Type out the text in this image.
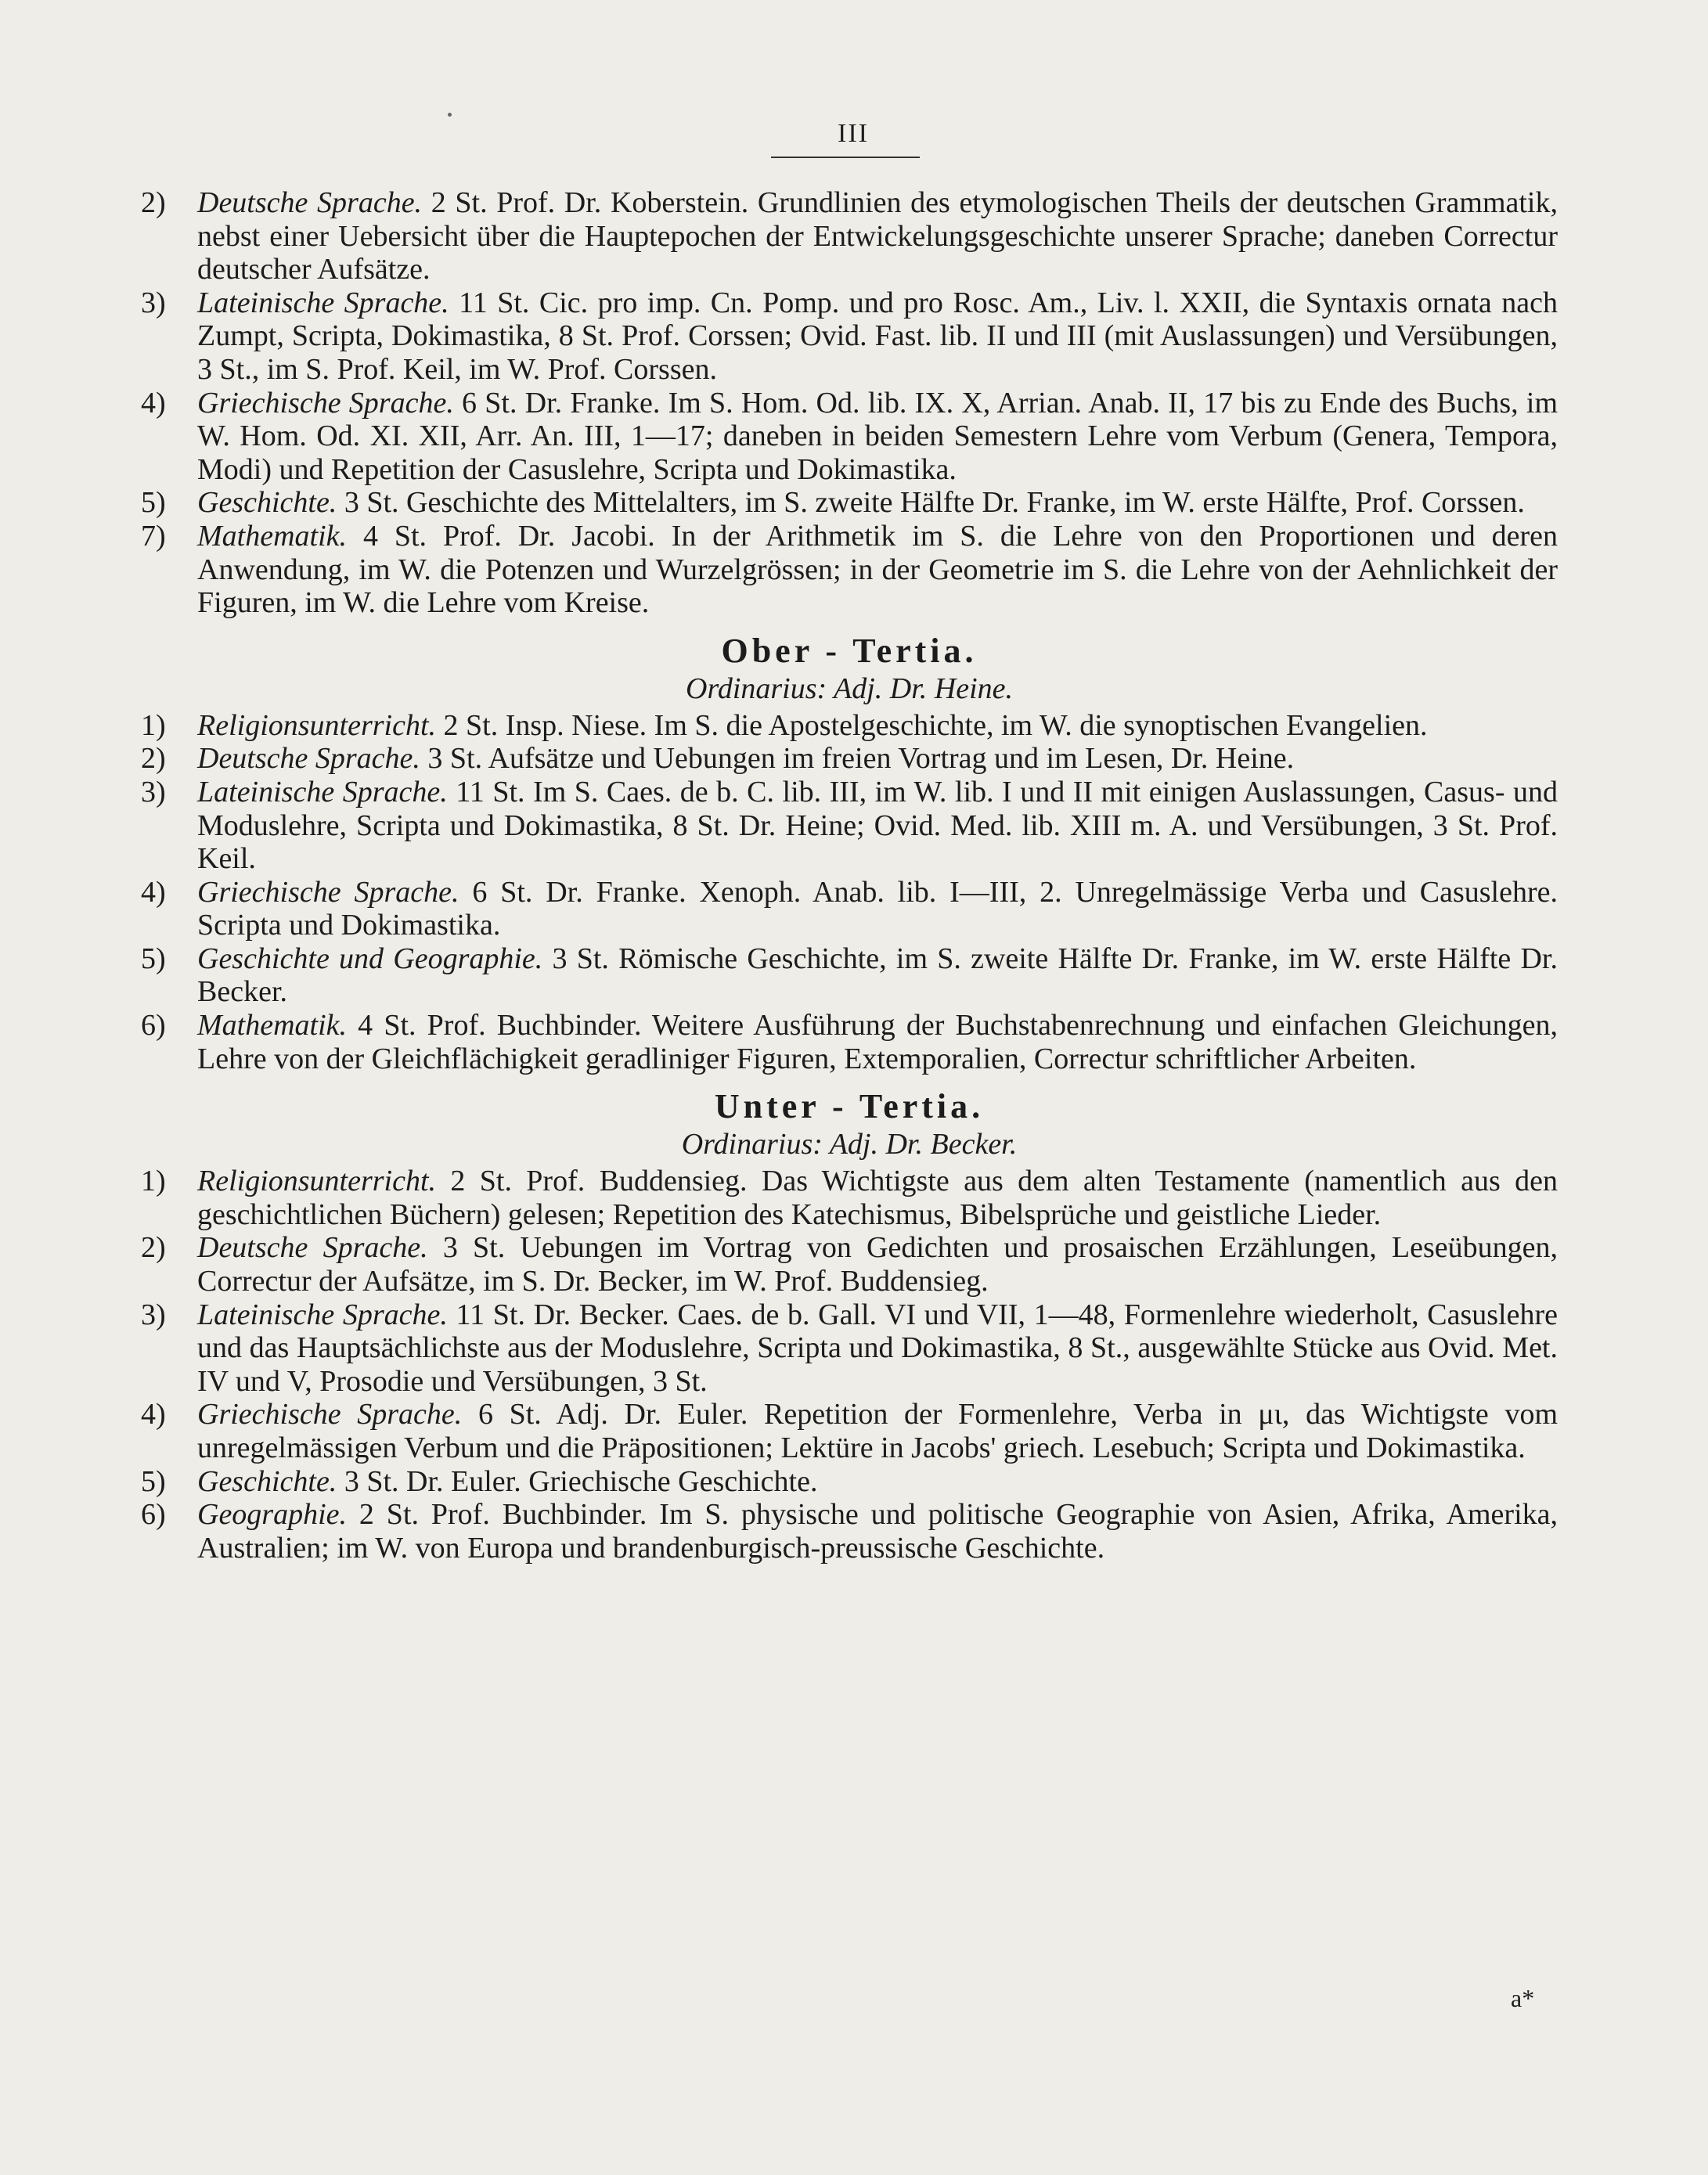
III

2 )	Deutsche Sprache. 2 St. Prof. Dr. Koberstein. Grundlinien des etymologischen Theils der deutschen Grammatik, nebst einer Uebersicht über die Hauptepochen der Entwickelungsgeschichte unserer Sprache; daneben Correctur deutscher Aufsätze.

3 )	Lateinische Sprache. 11 St. Cic. pro imp. Cn. Pomp. und pro Rosc. Am., Liv. l. XXII, die Syntaxis ornata nach Zumpt, Scripta, Dokimastika, 8 St. Prof. Corssen; Ovid. Fast. lib. II und III (mit Auslassungen) und Versübungen, 3 St., im S. Prof. Keil, im W. Prof. Corssen.

4 )	Griechische Sprache. 6 St. Dr. Franke. Im S. Hom. Od. lib. IX. X, Arrian. Anab. II, 17 bis zu Ende des Buchs, im W. Hom. Od. XI. XII, Arr. An. III, 1—17; daneben in beiden Semestern Lehre vom Verbum (Genera, Tempora, Modi) und Repetition der Casuslehre, Scripta und Dokimastika.

5 )	Geschichte. 3 St. Geschichte des Mittelalters, im S. zweite Hälfte Dr. Franke, im W. erste Hälfte, Prof. Corssen.

7 )	Mathematik. 4 St. Prof. Dr. Jacobi. In der Arithmetik im S. die Lehre von den Proportionen und deren Anwendung, im W. die Potenzen und Wurzelgrössen; in der Geometrie im S. die Lehre von der Aehnlichkeit der Figuren, im W. die Lehre vom Kreise.

Ober - Tertia.
Ordinarius: Adj. Dr. Heine.

1 )	Religionsunterricht. 2 St. Insp. Niese. Im S. die Apostelgeschichte, im W. die synoptischen Evangelien.

2 )	Deutsche Sprache. 3 St. Aufsätze und Uebungen im freien Vortrag und im Lesen, Dr. Heine.

3 )	Lateinische Sprache. 11 St. Im S. Caes. de b. C. lib. III, im W. lib. I und II mit einigen Auslassungen, Casus- und Moduslehre, Scripta und Dokimastika, 8 St. Dr. Heine; Ovid. Med. lib. XIII m. A. und Versübungen, 3 St. Prof. Keil.

4 )	Griechische Sprache. 6 St. Dr. Franke. Xenoph. Anab. lib. I—III, 2. Unregelmässige Verba und Casuslehre. Scripta und Dokimastika.

5 )	Geschichte und Geographie. 3 St. Römische Geschichte, im S. zweite Hälfte Dr. Franke, im W. erste Hälfte Dr. Becker.

6 )	Mathematik. 4 St. Prof. Buchbinder. Weitere Ausführung der Buchstabenrechnung und einfachen Gleichungen, Lehre von der Gleichflächigkeit geradliniger Figuren, Extemporalien, Correctur schriftlicher Arbeiten.

Unter - Tertia.
Ordinarius: Adj. Dr. Becker.

1 )	Religionsunterricht. 2 St. Prof. Buddensieg. Das Wichtigste aus dem alten Testamente (namentlich aus den geschichtlichen Büchern) gelesen; Repetition des Katechismus, Bibelsprüche und geistliche Lieder.

2 )	Deutsche Sprache. 3 St. Uebungen im Vortrag von Gedichten und prosaischen Erzählungen, Leseübungen, Correctur der Aufsätze, im S. Dr. Becker, im W. Prof. Buddensieg.

3 )	Lateinische Sprache. 11 St. Dr. Becker. Caes. de b. Gall. VI und VII, 1—48, Formenlehre wiederholt, Casuslehre und das Hauptsächlichste aus der Moduslehre, Scripta und Dokimastika, 8 St., ausgewählte Stücke aus Ovid. Met. IV und V, Prosodie und Versübungen, 3 St.

4 )	Griechische Sprache. 6 St. Adj. Dr. Euler. Repetition der Formenlehre, Verba in μι, das Wichtigste vom unregelmässigen Verbum und die Präpositionen; Lektüre in Jacobs' griech. Lesebuch; Scripta und Dokimastika.

5 )	Geschichte. 3 St. Dr. Euler. Griechische Geschichte.

6 )	Geographie. 2 St. Prof. Buchbinder. Im S. physische und politische Geographie von Asien, Afrika, Amerika, Australien; im W. von Europa und brandenburgisch-preussische Geschichte.

a*
